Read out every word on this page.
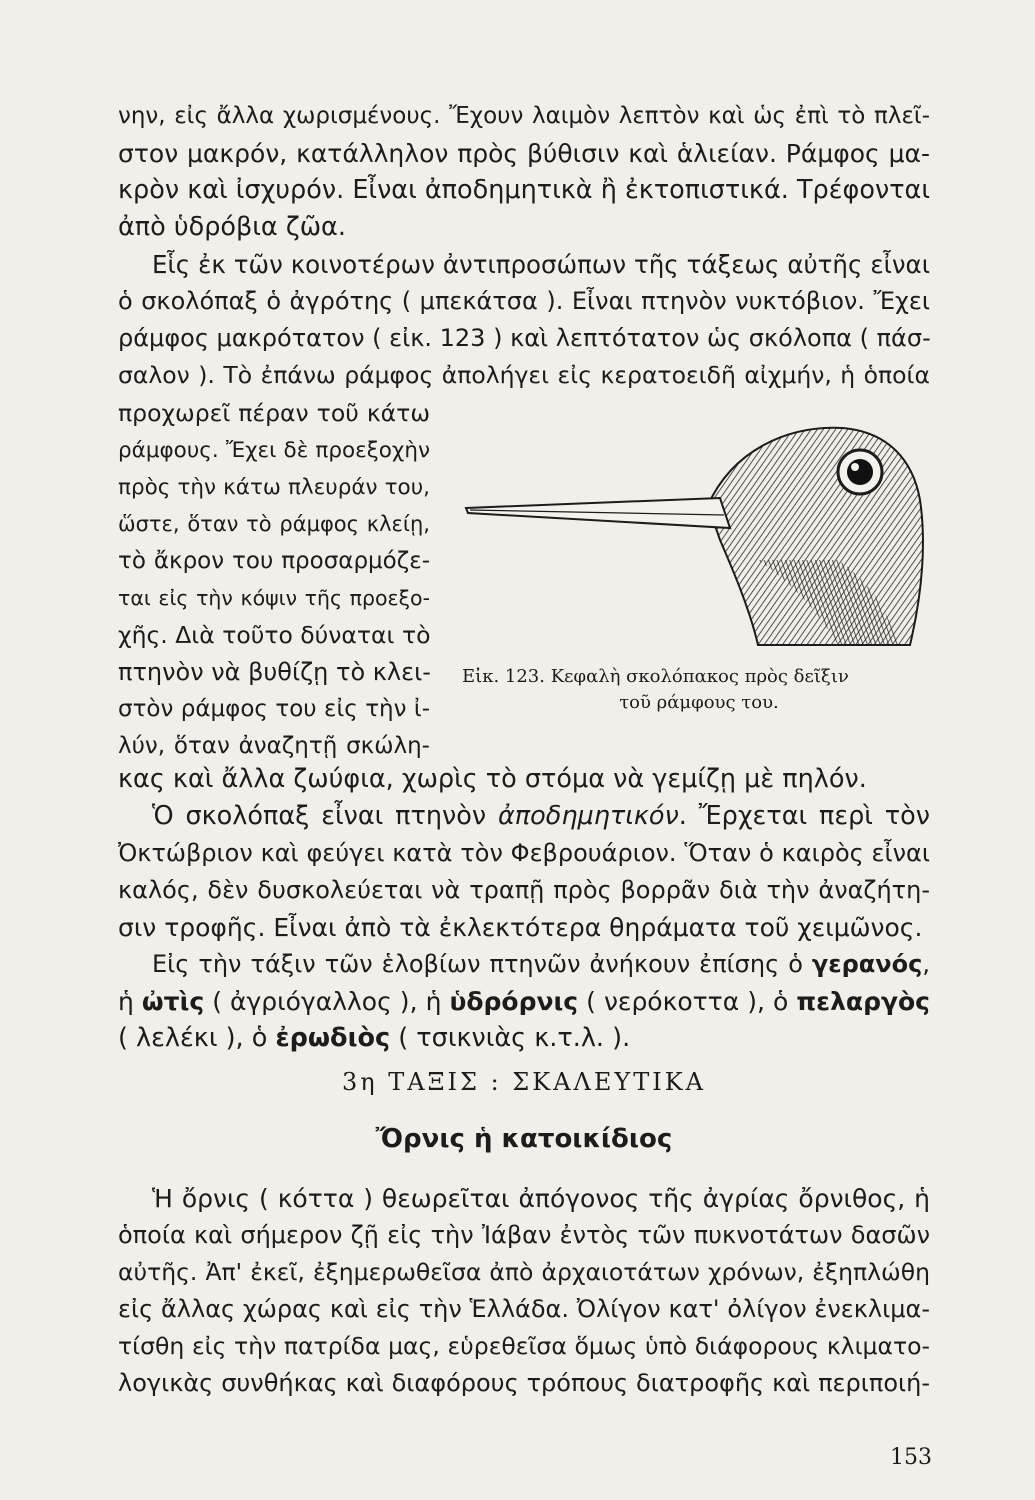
νην, εἰς ἄλλα χωρισμένους. Ἔχουν λαιμὸν λεπτὸν καὶ ὡς ἐπὶ τὸ πλεῖ-
στον μακρόν, κατάλληλον πρὸς βύθισιν καὶ ἁλιείαν. Ράμφος μα-
κρὸν καὶ ἰσχυρόν. Εἶναι ἀποδημητικὰ ἢ ἐκτοπιστικά. Τρέφονται
ἀπὸ ὑδρόβια ζῶα.
Εἷς ἐκ τῶν κοινοτέρων ἀντιπροσώπων τῆς τάξεως αὐτῆς εἶναι
ὁ σκολόπαξ ὁ ἀγρότης ( μπεκάτσα ). Εἶναι πτηνὸν νυκτόβιον. Ἔχει
ράμφος μακρότατον ( εἰκ. 123 ) καὶ λεπτότατον ὡς σκόλοπα ( πάσ-
σαλον ). Τὸ ἐπάνω ράμφος ἀπολήγει εἰς κερατοειδῆ αἰχμήν, ἡ ὁποία
προχωρεῖ πέραν τοῦ κάτω
ράμφους. Ἔχει δὲ προεξοχὴν
πρὸς τὴν κάτω πλευράν του,
ὥστε, ὅταν τὸ ράμφος κλείῃ,
τὸ ἄκρον του προσαρμόζε-
ται εἰς τὴν κόψιν τῆς προεξο-
χῆς. Διὰ τοῦτο δύναται τὸ
πτηνὸν νὰ βυθίζῃ τὸ κλει-
στὸν ράμφος του εἰς τὴν ἰ-
λύν, ὅταν ἀναζητῇ σκώλη-
Εἰκ. 123. Κεφαλὴ σκολόπακος πρὸς δεῖξιν
τοῦ ράμφους του.
κας καὶ ἄλλα ζωύφια, χωρὶς τὸ στόμα νὰ γεμίζῃ μὲ πηλόν.
Ὁ σκολόπαξ εἶναι πτηνὸν ἀποδημητικόν. Ἔρχεται περὶ τὸν
Ὀκτώβριον καὶ φεύγει κατὰ τὸν Φεβρουάριον. Ὅταν ὁ καιρὸς εἶναι
καλός, δὲν δυσκολεύεται νὰ τραπῇ πρὸς βορρᾶν διὰ τὴν ἀναζήτη-
σιν τροφῆς. Εἶναι ἀπὸ τὰ ἐκλεκτότερα θηράματα τοῦ χειμῶνος.
Εἰς τὴν τάξιν τῶν ἑλοβίων πτηνῶν ἀνήκουν ἐπίσης ὁ γερανός,
ἡ ὠτὶς ( ἀγριόγαλλος ), ἡ ὑδρόρνις ( νερόκοττα ), ὁ πελαργὸς
( λελέκι ), ὁ ἐρωδιὸς ( τσικνιὰς κ.τ.λ. ).
3η ΤΑΞΙΣ : ΣΚΑΛΕΥΤΙΚΑ
Ὄρνις ἡ κατοικίδιος
Ἡ ὄρνις ( κόττα ) θεωρεῖται ἀπόγονος τῆς ἀγρίας ὄρνιθος, ἡ
ὁποία καὶ σήμερον ζῇ εἰς τὴν Ἰάβαν ἐντὸς τῶν πυκνοτάτων δασῶν
αὐτῆς. Ἀπ' ἐκεῖ, ἐξημερωθεῖσα ἀπὸ ἀρχαιοτάτων χρόνων, ἐξηπλώθη
εἰς ἄλλας χώρας καὶ εἰς τὴν Ἑλλάδα. Ὀλίγον κατ' ὀλίγον ἐνεκλιμα-
τίσθη εἰς τὴν πατρίδα μας, εὑρεθεῖσα ὅμως ὑπὸ διάφορους κλιματο-
λογικὰς συνθήκας καὶ διαφόρους τρόπους διατροφῆς καὶ περιποιή-
153
